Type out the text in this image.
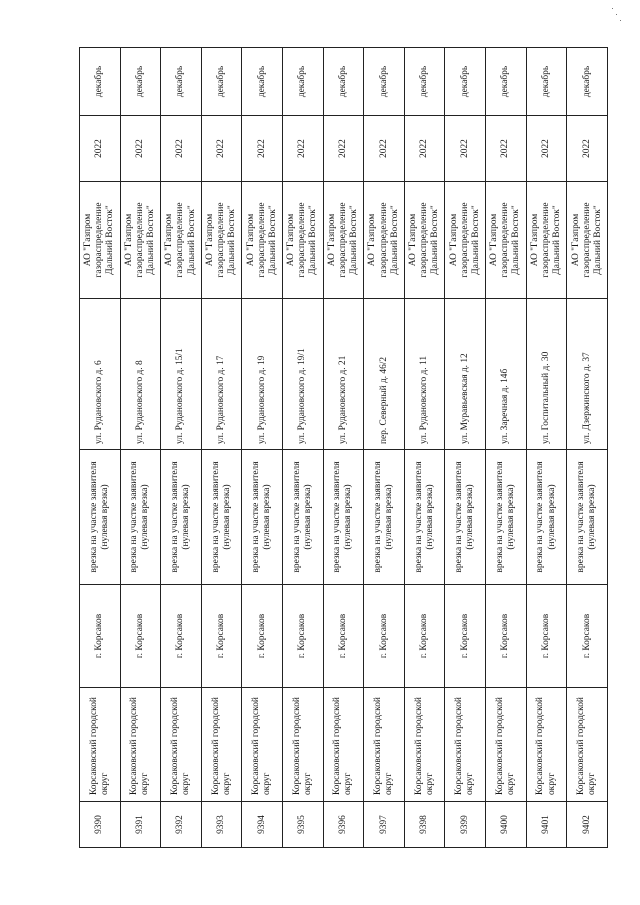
9390	Корсаковский городской округ	г. Корсаков	врезка на участке заявителя (нулевая врезка)	ул. Рудановского д. 6	АО "Газпром газораспределение Дальний Восток"	2022	декабрь
9391	Корсаковский городской округ	г. Корсаков	врезка на участке заявителя (нулевая врезка)	ул. Рудановского д. 8	АО "Газпром газораспределение Дальний Восток"	2022	декабрь
9392	Корсаковский городской округ	г. Корсаков	врезка на участке заявителя (нулевая врезка)	ул. Рудановского д. 15/1	АО "Газпром газораспределение Дальний Восток"	2022	декабрь
9393	Корсаковский городской округ	г. Корсаков	врезка на участке заявителя (нулевая врезка)	ул. Рудановского д. 17	АО "Газпром газораспределение Дальний Восток"	2022	декабрь
9394	Корсаковский городской округ	г. Корсаков	врезка на участке заявителя (нулевая врезка)	ул. Рудановского д. 19	АО "Газпром газораспределение Дальний Восток"	2022	декабрь
9395	Корсаковский городской округ	г. Корсаков	врезка на участке заявителя (нулевая врезка)	ул. Рудановского д. 19/1	АО "Газпром газораспределение Дальний Восток"	2022	декабрь
9396	Корсаковский городской округ	г. Корсаков	врезка на участке заявителя (нулевая врезка)	ул. Рудановского д. 21	АО "Газпром газораспределение Дальний Восток"	2022	декабрь
9397	Корсаковский городской округ	г. Корсаков	врезка на участке заявителя (нулевая врезка)	пер. Северный д. 46/2	АО "Газпром газораспределение Дальний Восток"	2022	декабрь
9398	Корсаковский городской округ	г. Корсаков	врезка на участке заявителя (нулевая врезка)	ул. Рудановского д. 11	АО "Газпром газораспределение Дальний Восток"	2022	декабрь
9399	Корсаковский городской округ	г. Корсаков	врезка на участке заявителя (нулевая врезка)	ул. Муравьевская д. 12	АО "Газпром газораспределение Дальний Восток"	2022	декабрь
9400	Корсаковский городской округ	г. Корсаков	врезка на участке заявителя (нулевая врезка)	ул. Заречная д. 14б	АО "Газпром газораспределение Дальний Восток"	2022	декабрь
9401	Корсаковский городской округ	г. Корсаков	врезка на участке заявителя (нулевая врезка)	ул. Госпитальный д. 30	АО "Газпром газораспределение Дальний Восток"	2022	декабрь
9402	Корсаковский городской округ	г. Корсаков	врезка на участке заявителя (нулевая врезка)	ул. Дзержинского д. 37	АО "Газпром газораспределение Дальний Восток"	2022	декабрь
